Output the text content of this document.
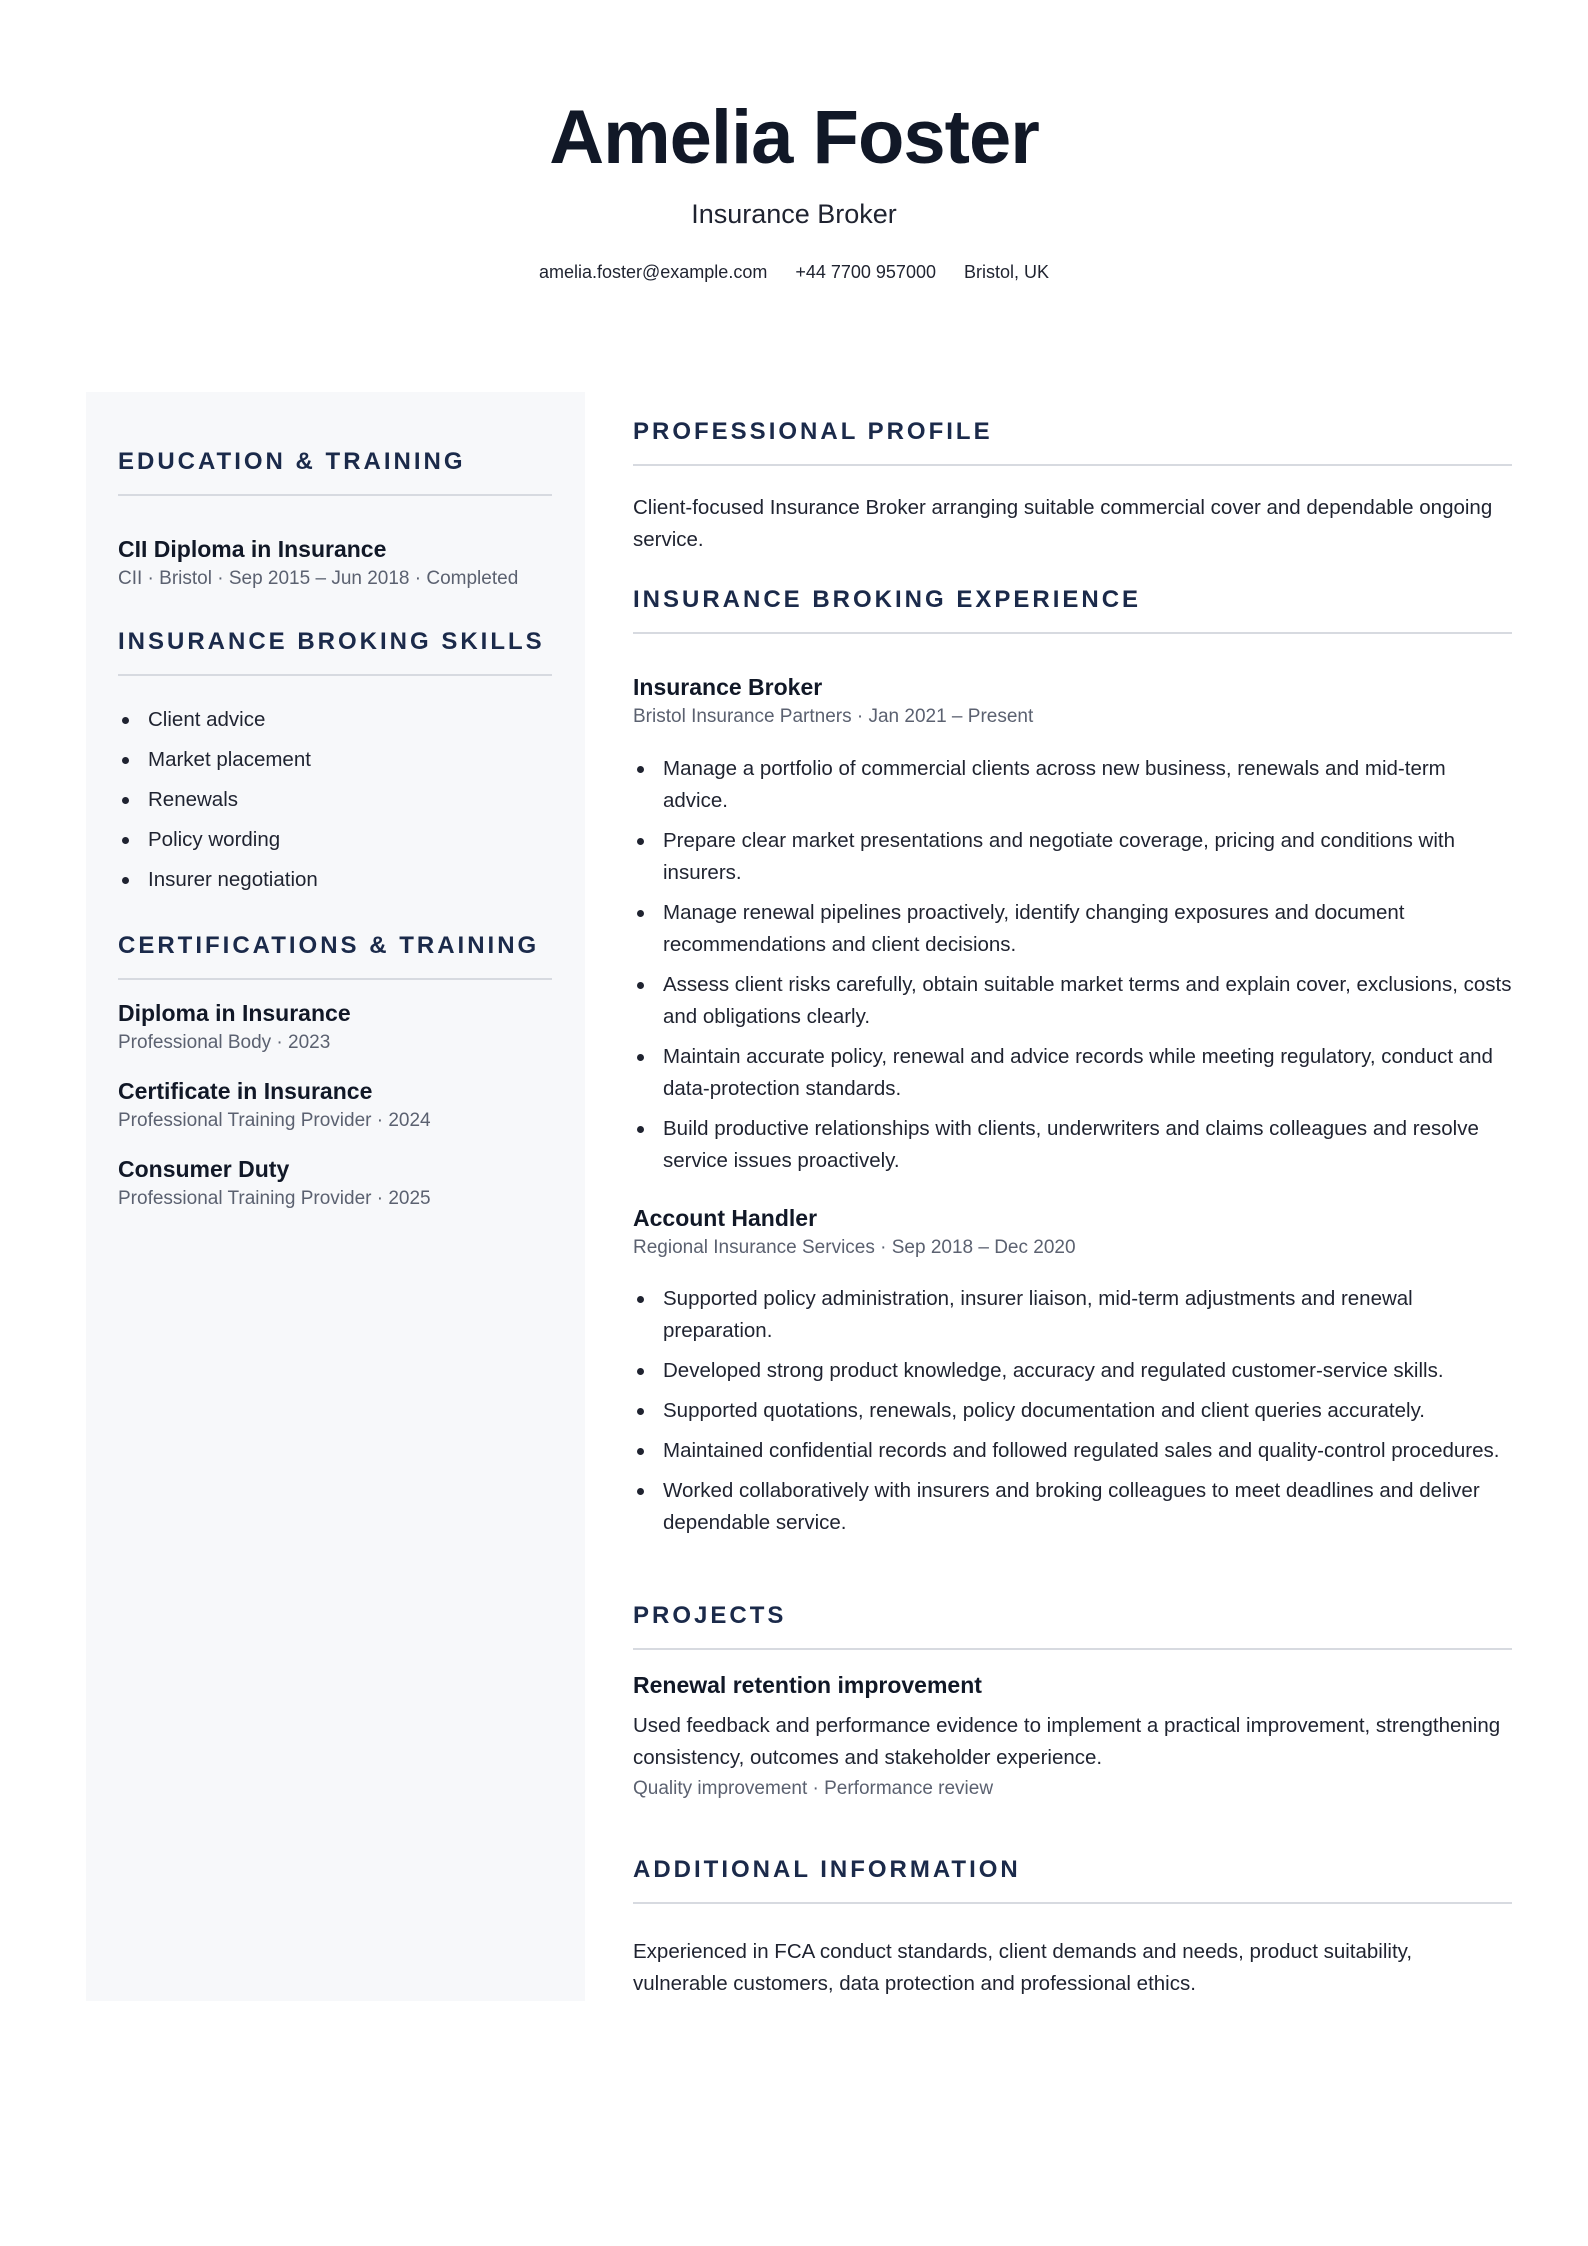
Amelia Foster
Insurance Broker
amelia.foster@example.com +44 7700 957000 Bristol, UK
EDUCATION & TRAINING
CII Diploma in Insurance
CII · Bristol · Sep 2015 – Jun 2018 · Completed
INSURANCE BROKING SKILLS
Client advice
Market placement
Renewals
Policy wording
Insurer negotiation
CERTIFICATIONS & TRAINING
Diploma in Insurance
Professional Body · 2023
Certificate in Insurance
Professional Training Provider · 2024
Consumer Duty
Professional Training Provider · 2025
PROFESSIONAL PROFILE
Client-focused Insurance Broker arranging suitable commercial cover and dependable ongoing service.
INSURANCE BROKING EXPERIENCE
Insurance Broker
Bristol Insurance Partners · Jan 2021 – Present
Manage a portfolio of commercial clients across new business, renewals and mid-term advice.
Prepare clear market presentations and negotiate coverage, pricing and conditions with insurers.
Manage renewal pipelines proactively, identify changing exposures and document recommendations and client decisions.
Assess client risks carefully, obtain suitable market terms and explain cover, exclusions, costs and obligations clearly.
Maintain accurate policy, renewal and advice records while meeting regulatory, conduct and data-protection standards.
Build productive relationships with clients, underwriters and claims colleagues and resolve service issues proactively.
Account Handler
Regional Insurance Services · Sep 2018 – Dec 2020
Supported policy administration, insurer liaison, mid-term adjustments and renewal preparation.
Developed strong product knowledge, accuracy and regulated customer-service skills.
Supported quotations, renewals, policy documentation and client queries accurately.
Maintained confidential records and followed regulated sales and quality-control procedures.
Worked collaboratively with insurers and broking colleagues to meet deadlines and deliver dependable service.
PROJECTS
Renewal retention improvement
Used feedback and performance evidence to implement a practical improvement, strengthening consistency, outcomes and stakeholder experience.
Quality improvement · Performance review
ADDITIONAL INFORMATION
Experienced in FCA conduct standards, client demands and needs, product suitability, vulnerable customers, data protection and professional ethics.
